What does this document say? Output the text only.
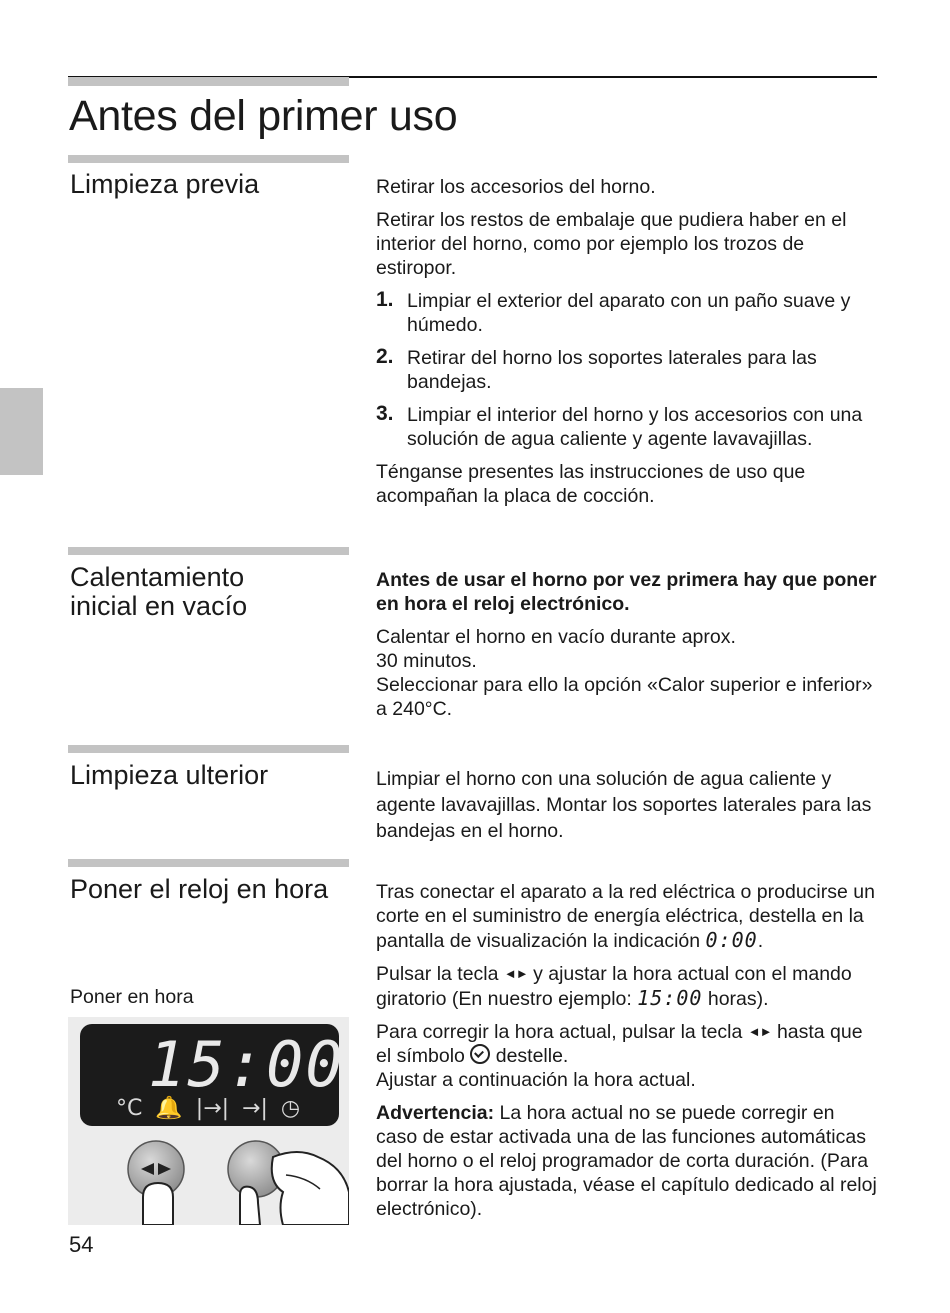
Antes del primer uso
Limpieza previa	Retirar los accesorios del horno.

Retirar los restos de embalaje que pudiera haber en el interior del horno, como por ejemplo los trozos de estiropor.

1. Limpiar el exterior del aparato con un paño suave y húmedo.
2. Retirar del horno los soportes laterales para las bandejas.
3. Limpiar el interior del horno y los accesorios con una solución de agua caliente y agente lavavajillas.

Ténganse presentes las instrucciones de uso que acompañan la placa de cocción.

Calentamiento
inicial en vacío

Antes de usar el horno por vez primera hay que poner en hora el reloj electrónico.

Calentar el horno en vacío durante aprox.
30 minutos.
Seleccionar para ello la opción «Calor superior e inferior» a 240°C.

Limpieza ulterior	Limpiar el horno con una solución de agua caliente y agente lavavajillas. Montar los soportes laterales para las bandejas en el horno.

Poner el reloj en hora
Poner en hora

Tras conectar el aparato a la red eléctrica o producirse un corte en el suministro de energía eléctrica, destella en la pantalla de visualización la indicación 0:00.

Pulsar la tecla ◄► y ajustar la hora actual con el mando giratorio (En nuestro ejemplo: 15:00 horas).

Para corregir la hora actual, pulsar la tecla ◄► hasta que el símbolo destelle.
Ajustar a continuación la hora actual.

Advertencia: La hora actual no se puede corregir en caso de estar activada una de las funciones automáticas del horno o el reloj programador de corta duración. (Para borrar la hora ajustada, véase el capítulo dedicado al reloj electrónico).

15:00
°C 🔔 |→| →| ◷

54
